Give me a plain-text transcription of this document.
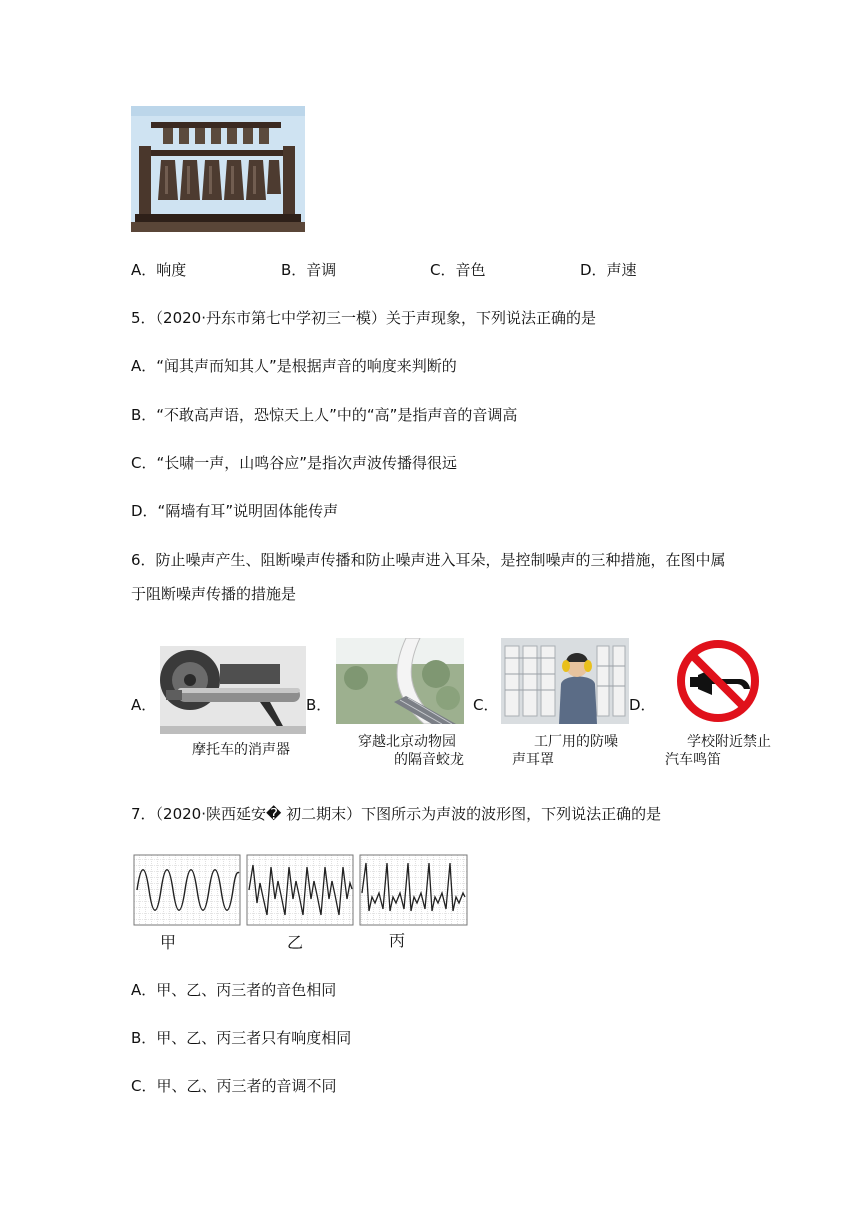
A．响度	B．音调	C．音色	D．声速
5．（2020·丹东市第七中学初三一模）关于声现象，下列说法正确的是
A．“闻其声而知其人”是根据声音的响度来判断的
B．“不敢高声语，恐惊天上人”中的“高”是指声音的音调高
C．“长啸一声，山鸣谷应”是指次声波传播得很远
D．“隔墙有耳”说明固体能传声
6．防止噪声产生、阻断噪声传播和防止噪声进入耳朵，是控制噪声的三种措施，在图中属
于阻断噪声传播的措施是
A．	B．	C．	D．
摩托车的消声器	穿越北京动物园
的隔音蛟龙
工厂用的防噪
声耳罩
学校附近禁止
汽车鸣笛
7．（2020·陕西延安� 初二期末）下图所示为声波的波形图，下列说法正确的是
甲	乙	丙
A．甲、乙、丙三者的音色相同
B．甲、乙、丙三者只有响度相同
C．甲、乙、丙三者的音调不同
